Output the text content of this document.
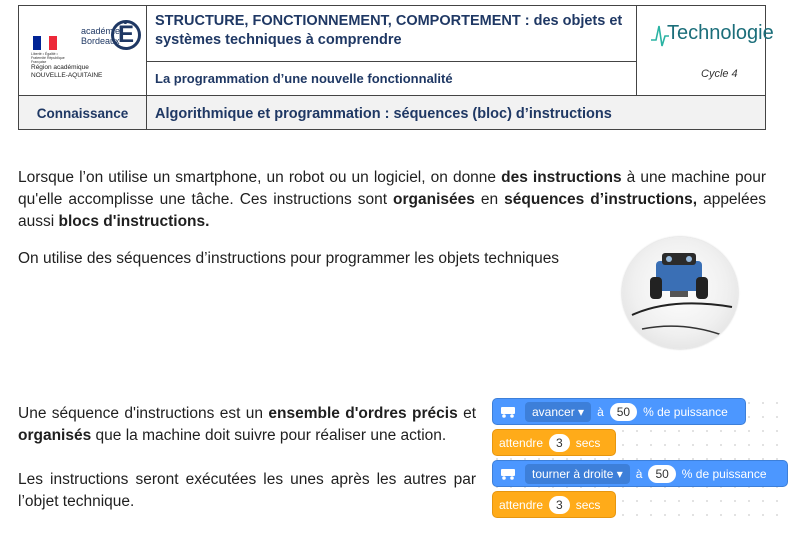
Liberté • Égalité • Fraternité République Française
académie
Bordeaux
É
Région académique
NOUVELLE-AQUITAINE
STRUCTURE, FONCTIONNEMENT, COMPORTEMENT : des objets et systèmes techniques à comprendre
La programmation d’une nouvelle fonctionnalité
Technologie
Cycle 4
Connaissance	Algorithmique et programmation : séquences (bloc) d’instructions
Lorsque l’on utilise un smartphone, un robot ou un logiciel, on donne des instructions à une machine pour qu'elle accomplisse une tâche. Ces instructions sont organisées en séquences d’instructions, appelées aussi blocs d'instructions.
On utilise des séquences d’instructions pour programmer les objets techniques
Une séquence d'instructions est un ensemble d'ordres précis et organisés que la machine doit suivre pour réaliser une action.
Les instructions seront exécutées les unes après les autres par l’objet technique.
avancer ▾	à	50	% de puissance
attendre	3	secs
tourner à droite ▾	à	50	% de puissance
attendre	3	secs
